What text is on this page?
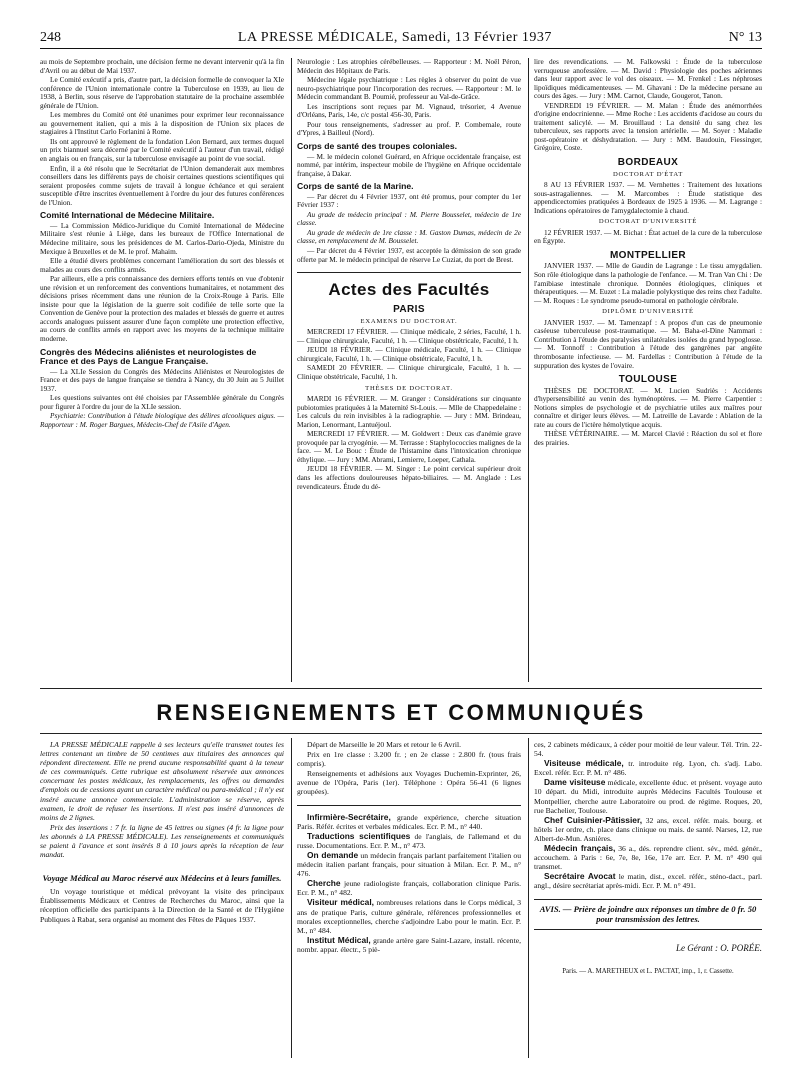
248	LA PRESSE MÉDICALE, Samedi, 13 Février 1937	N° 13

au mois de Septembre prochain, une décision ferme ne devant intervenir qu'à la fin d'Avril ou au début de Mai 1937.

Le Comité exécutif a pris, d'autre part, la décision formelle de convoquer la XIe conférence de l'Union internationale contre la Tuberculose en 1939, au lieu de 1938, à Berlin, sous réserve de l'approbation statutaire de la prochaine assemblée générale de l'Union.

Les membres du Comité ont été unanimes pour exprimer leur reconnaissance au gouvernement italien, qui a mis à la disposition de l'Union six places de stagiaires à l'Institut Carlo Forlanini à Rome.

Ils ont approuvé le règlement de la fondation Léon Bernard, aux termes duquel un prix biannuel sera décerné par le Comité exécutif à l'auteur d'un travail, rédigé en anglais ou en français, sur la tuberculose envisagée au point de vue social.

Enfin, il a été résolu que le Secrétariat de l'Union demanderait aux membres conseillers dans les différents pays de choisir certaines questions scientifiques qui seraient proposées comme sujets de travail à longue échéance et qui seraient susceptible d'être inscrites éventuellement à l'ordre du jour des futures conférences de l'Union.

Comité International de Médecine Militaire.

— La Commission Médico-Juridique du Comité International de Médecine Militaire s'est réunie à Liège, dans les bureaux de l'Office International de Médecine militaire, sous les présidences de M. Carlos-Dario-Ojeda, Ministre du Mexique à Bruxelles et de M. le prof. Mahaim.

Elle a étudié divers problèmes concernant l'amélioration du sort des blessés et malades au cours des conflits armés.

Par ailleurs, elle a pris connaissance des derniers efforts tentés en vue d'obtenir une révision et un renforcement des conventions humanitaires, et notamment des décisions prises récemment dans une réunion de la Croix-Rouge à Paris. Elle insiste pour que la législation de la guerre soit codifiée de telle sorte que la Convention de Genève pour la protection des malades et blessés de guerre et autres accords analogues puissent assurer d'une façon complète une protection effective, au cours de conflits armés en rapport avec les moyens de la technique militaire moderne.

Congrès des Médecins aliénistes et neurologistes de France et des Pays de Langue Française.

— La XLIe Session du Congrès des Médecins Aliénistes et Neurologistes de France et des pays de langue française se tiendra à Nancy, du 30 Juin au 5 Juillet 1937.

Les questions suivantes ont été choisies par l'Assemblée générale du Congrès pour figurer à l'ordre du jour de la XLIe session.

Psychiatrie: Contribution à l'étude biologique des délires alcooliques aigus. — Rapporteur : M. Roger Bargues, Médecin-Chef de l'Asile d'Agen.

Neurologie : Les atrophies cérébelleuses. — Rapporteur : M. Noël Péron, Médecin des Hôpitaux de Paris.

Médecine légale psychiatrique : Les règles à observer du point de vue neuro-psychiatrique pour l'incorporation des recrues. — Rapporteur : M. le Médecin commandant B. Poumié, professeur au Val-de-Grâce.

Les inscriptions sont reçues par M. Vignaud, trésorier, 4 Avenue d'Orléans, Paris, 14e, c/c postal 456-30, Paris.

Pour tous renseignements, s'adresser au prof. P. Combemale, route d'Ypres, à Bailleul (Nord).

Corps de santé des troupes coloniales.

— M. le médecin colonel Guérard, en Afrique occidentale française, est nommé, par intérim, inspecteur mobile de l'hygiène en Afrique occidentale française, à Dakar.

Corps de santé de la Marine.

— Par décret du 4 Février 1937, ont été promus, pour compter du 1er Février 1937 :

Au grade de médecin principal : M. Pierre Bousselet, médecin de 1re classe.

Au grade de médecin de 1re classe : M. Gaston Dumas, médecin de 2e classe, en remplacement de M. Bousselet.

— Par décret du 4 Février 1937, est acceptée la démission de son grade offerte par M. le médecin principal de réserve Le Cuziat, du port de Brest.

Actes des Facultés
PARIS
EXAMENS DU DOCTORAT.

MERCREDI 17 FÉVRIER. — Clinique médicale, 2 séries, Faculté, 1 h. — Clinique chirurgicale, Faculté, 1 h. — Clinique obstétricale, Faculté, 1 h.

JEUDI 18 FÉVRIER. — Clinique médicale, Faculté, 1 h. — Clinique chirurgicale, Faculté, 1 h. — Clinique obstétricale, Faculté, 1 h.

SAMEDI 20 FÉVRIER. — Clinique chirurgicale, Faculté, 1 h. — Clinique obstétricale, Faculté, 1 h.

THÈSES DE DOCTORAT.

MARDI 16 FÉVRIER. — M. Granger : Considérations sur cinquante pubiotomies pratiquées à la Maternité St-Louis. — Mlle de Chappedelaine : Les calculs du rein invisibles à la radiographie. — Jury : MM. Brindeau, Marion, Lenormant, Lantuéjoul.

MERCREDI 17 FÉVRIER. — M. Goldwert : Deux cas d'anémie grave provoquée par la cryogénie. — M. Terrasse : Staphylococcies malignes de la face. — M. Le Bouc : Étude de l'histamine dans l'intoxication chronique éthylique. — Jury : MM. Abrami, Lemierre, Loeper, Cathala.

JEUDI 18 FÉVRIER. — M. Singer : Le point cervical supérieur droit dans les affections douloureuses hépato-biliaires. — M. Anglade : Les revendicateurs. Étude du dé-

lire des revendications. — M. Falkowski : Étude de la tuberculose verruqueuse anofessière. — M. David : Physiologie des poches aériennes dans leur rapport avec le vol des oiseaux. — M. Frenkel : Les néphroses lipoïdiques médicamenteuses. — M. Ghavani : De la médecine persane au cours des âges. — Jury : MM. Carnot, Claude, Gougerot, Tanon.

VENDREDI 19 FÉVRIER. — M. Malan : Étude des anémorrhées d'origine endocrinienne. — Mme Roche : Les accidents d'acidose au cours du traitement salicylé. — M. Brouillaud : La densité du sang chez les tuberculeux, ses rapports avec la tension artérielle. — M. Soyer : Maladie post-opératoire et déshydratation. — Jury : MM. Baudouin, Fiessinger, Grégoire, Coste.

BORDEAUX
DOCTORAT D'ÉTAT

8 AU 13 FÉVRIER 1937. — M. Vernhettes : Traitement des luxations sous-astragaliennes. — M. Marcombes : Étude statistique des appendicectomies pratiquées à Bordeaux de 1925 à 1936. — M. Lagrange : Indications opératoires de l'amygdalectomie à chaud.

DOCTORAT D'UNIVERSITÉ

12 FÉVRIER 1937. — M. Bichat : État actuel de la cure de la tuberculose en Égypte.

MONTPELLIER

JANVIER 1937. — Mlle de Gaudin de Lagrange : Le tissu amygdalien. Son rôle étiologique dans la pathologie de l'enfance. — M. Tran Van Chi : De l'amibiase intestinale chronique. Données étiologiques, cliniques et thérapeutiques. — M. Euzet : La maladie polykystique des reins chez l'adulte. — M. Roques : Le syndrome pseudo-tumoral en pathologie cérébrale.

DIPLÔME D'UNIVERSITÉ

JANVIER 1937. — M. Tamenzapf : A propos d'un cas de pneumonie caséeuse tuberculeuse post-traumatique. — M. Baha-el-Dine Nammari : Contribution à l'étude des paralysies unilatérales isolées du grand hypoglosse. — M. Tonnoff : Contribution à l'étude des gangrènes par angéite thrombosante infectieuse. — M. Fardellas : Contribution à l'étude de la suppuration des kystes de l'ovaire.

TOULOUSE

THÈSES DE DOCTORAT. — M. Lucien Sudriès : Accidents d'hypersensibilité au venin des hyménoptères. — M. Pierre Carpentier : Notions simples de psychologie et de psychiatrie utiles aux maîtres pour connaître et diriger leurs élèves. — M. Latreille de Lavarde : Ablation de la rate au cours de l'ictère hémolytique acquis.

THÈSE VÉTÉRINAIRE. — M. Marcel Clavié : Réaction du sol et flore des prairies.

RENSEIGNEMENTS ET COMMUNIQUÉS

LA PRESSE MÉDICALE rappelle à ses lecteurs qu'elle transmet toutes les lettres contenant un timbre de 50 centimes aux titulaires des annonces qui répondent directement. Elle ne prend aucune responsabilité quant à la teneur de ces communiqués. Cette rubrique est absolument réservée aux annonces concernant les postes médicaux, les remplacements, les offres ou demandes d'emplois ou de cessions ayant un caractère médical ou para-médical ; il n'y est inséré aucune annonce commerciale. L'administration se réserve, après examen, le droit de refuser les insertions. Il n'est pas inséré d'annonces de moins de 2 lignes.

Prix des insertions : 7 fr. la ligne de 45 lettres ou signes (4 fr. la ligne pour les abonnés à LA PRESSE MÉDICALE). Les renseignements et communiqués se paient à l'avance et sont insérés 8 à 10 jours après la réception de leur mandat.

Voyage Médical au Maroc réservé aux Médecins et à leurs familles.

Un voyage touristique et médical prévoyant la visite des principaux Établissements Médicaux et Centres de Recherches du Maroc, ainsi que la réception officielle des participants à la Direction de la Santé et de l'Hygiène Publiques à Rabat, sera organisé au moment des Fêtes de Pâques 1937.

Départ de Marseille le 20 Mars et retour le 6 Avril.

Prix en 1re classe : 3.200 fr. ; en 2e classe : 2.800 fr. (tous frais compris).

Renseignements et adhésions aux Voyages Duchemin-Exprinter, 26, avenue de l'Opéra, Paris (1er). Téléphone : Opéra 56-41 (6 lignes groupées).

Infirmière-Secrétaire, grande expérience, cherche situation Paris. Référ. écrites et verbales médicales. Ecr. P. M., n° 440.

Traductions scientifiques de l'anglais, de l'allemand et du russe. Documentations. Ecr. P. M., n° 473.

On demande un médecin français parlant parfaitement l'italien ou médecin italien parlant français, pour situation à Milan. Ecr. P. M., n° 476.

Cherche jeune radiologiste français, collaboration clinique Paris. Ecr. P. M., n° 482.

Visiteur médical, nombreuses relations dans le Corps médical, 3 ans de pratique Paris, culture générale, références professionnelles et morales exceptionnelles, cherche s'adjoindre Labo pour le matin. Ecr. P. M., n° 484.

Institut Médical, grande artère gare Saint-Lazare, install. récente, nombr. appar. électr., 5 piè-

ces, 2 cabinets médicaux, à céder pour moitié de leur valeur. Tél. Trin. 22-54.

Visiteuse médicale, tr. introduite rég. Lyon, ch. s'adj. Labo. Excel. référ. Ecr. P. M. n° 486.

Dame visiteuse médicale, excellente éduc. et présent. voyage auto 10 départ. du Midi, introduite auprès Médecins Facultés Toulouse et Montpellier, cherche autre Laboratoire ou prod. de régime. Roques, 20, rue Bachelier, Toulouse.

Chef Cuisinier-Pâtissier, 32 ans, excel. référ. mais. bourg. et hôtels 1er ordre, ch. place dans clinique ou mais. de santé. Narses, 12, rue Albert-de-Mun. Asnières.

Médecin français, 36 a., dés. reprendre client. sév., méd. génér., accouchem. à Paris : 6e, 7e, 8e, 16e, 17e arr. Ecr. P. M. n° 490 qui transmet.

Secrétaire Avocat le matin, dist., excel. référ., sténo-dact., parl. angl., désire secrétariat après-midi. Ecr. P. M. n° 491.

AVIS. — Prière de joindre aux réponses un timbre de 0 fr. 50 pour transmission des lettres.
Le Gérant : O. PORÉE.
Paris. — A. MARETHEUX et L. PACTAT, imp., 1, r. Cassette.
